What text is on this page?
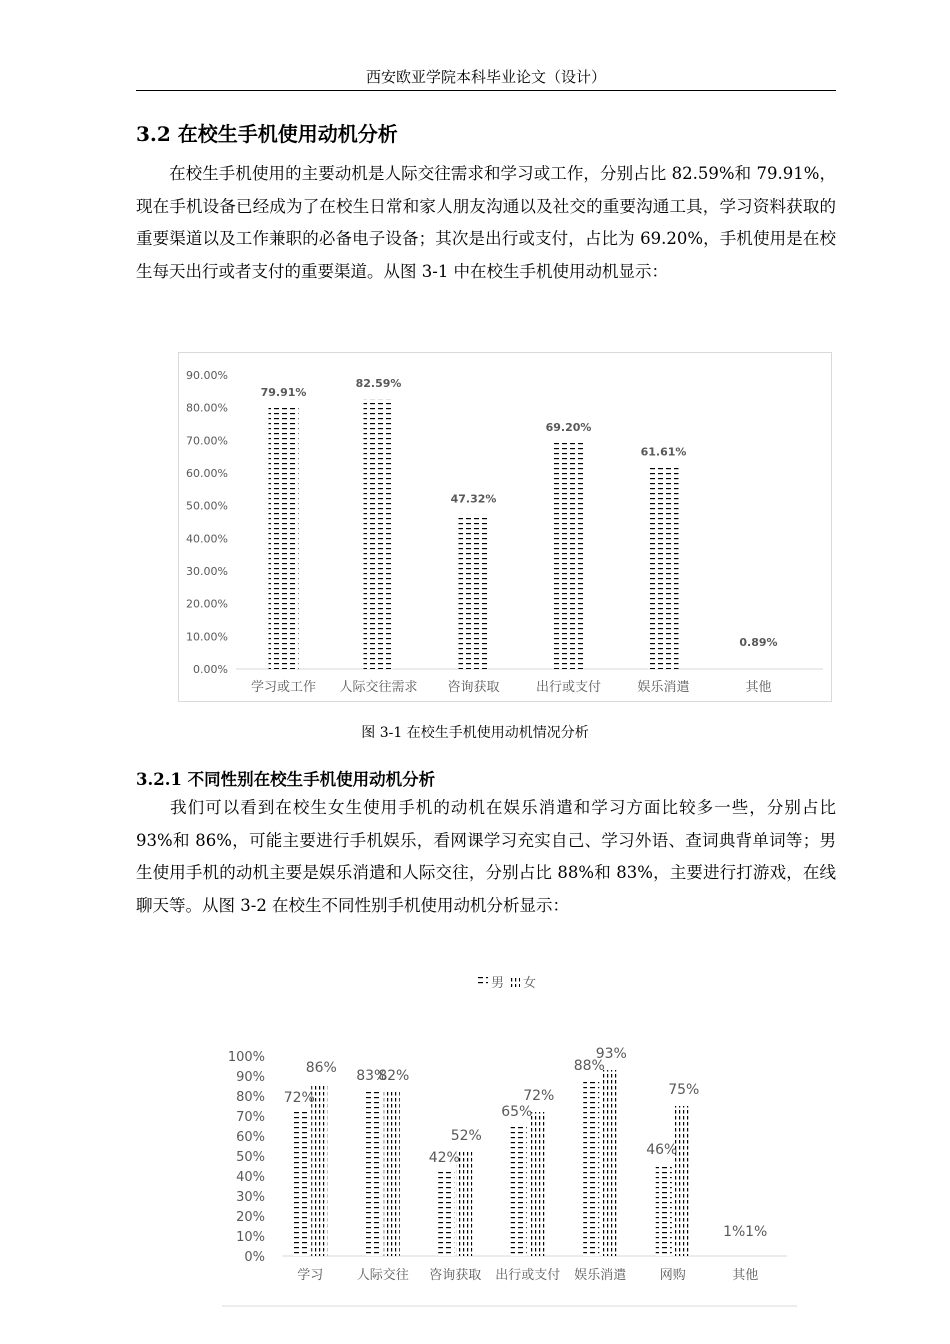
西安欧亚学院本科毕业论文（设计）
3.2 在校生手机使用动机分析
  在校生手机使用的主要动机是人际交往需求和学习或工作，分别占比 82.59%和 79.91%，现在手机设备已经成为了在校生日常和家人朋友沟通以及社交的重要沟通工具，学习资料获取的重要渠道以及工作兼职的必备电子设备；其次是出行或支付，占比为 69.20%，手机使用是在校生每天出行或者支付的重要渠道。从图 3-1 中在校生手机使用动机显示：
0.00%
10.00%
20.00%
30.00%
40.00%
50.00%
60.00%
70.00%
80.00%
90.00%
79.91%
82.59%
47.32%
69.20%
61.61%
0.89%
学习或工作 人际交往需求 咨询获取	出行或支付	娱乐消遣	其他
图 3-1 在校生手机使用动机情况分析
3.2.1 不同性别在校生手机使用动机分析
  我们可以看到在校生女生使用手机的动机在娱乐消遣和学习方面比较多一些，分别占比 93%和 86%，可能主要进行手机娱乐，看网课学习充实自己、学习外语、查词典背单词等；男生使用手机的动机主要是娱乐消遣和人际交往，分别占比 88%和 83%，主要进行打游戏，在线聊天等。从图 3-2 在校生不同性别手机使用动机分析显示：
男 女
0%
10%
20%
30%
40%
50%
60%
70%
80%
90%
100%
72%
86% 83%
82%
42%
52%
65%
72%
88%
93%
46%
75%
1% 1%
学习	人际交往 咨询获取 出行或支付 娱乐消遣	网购	其他
